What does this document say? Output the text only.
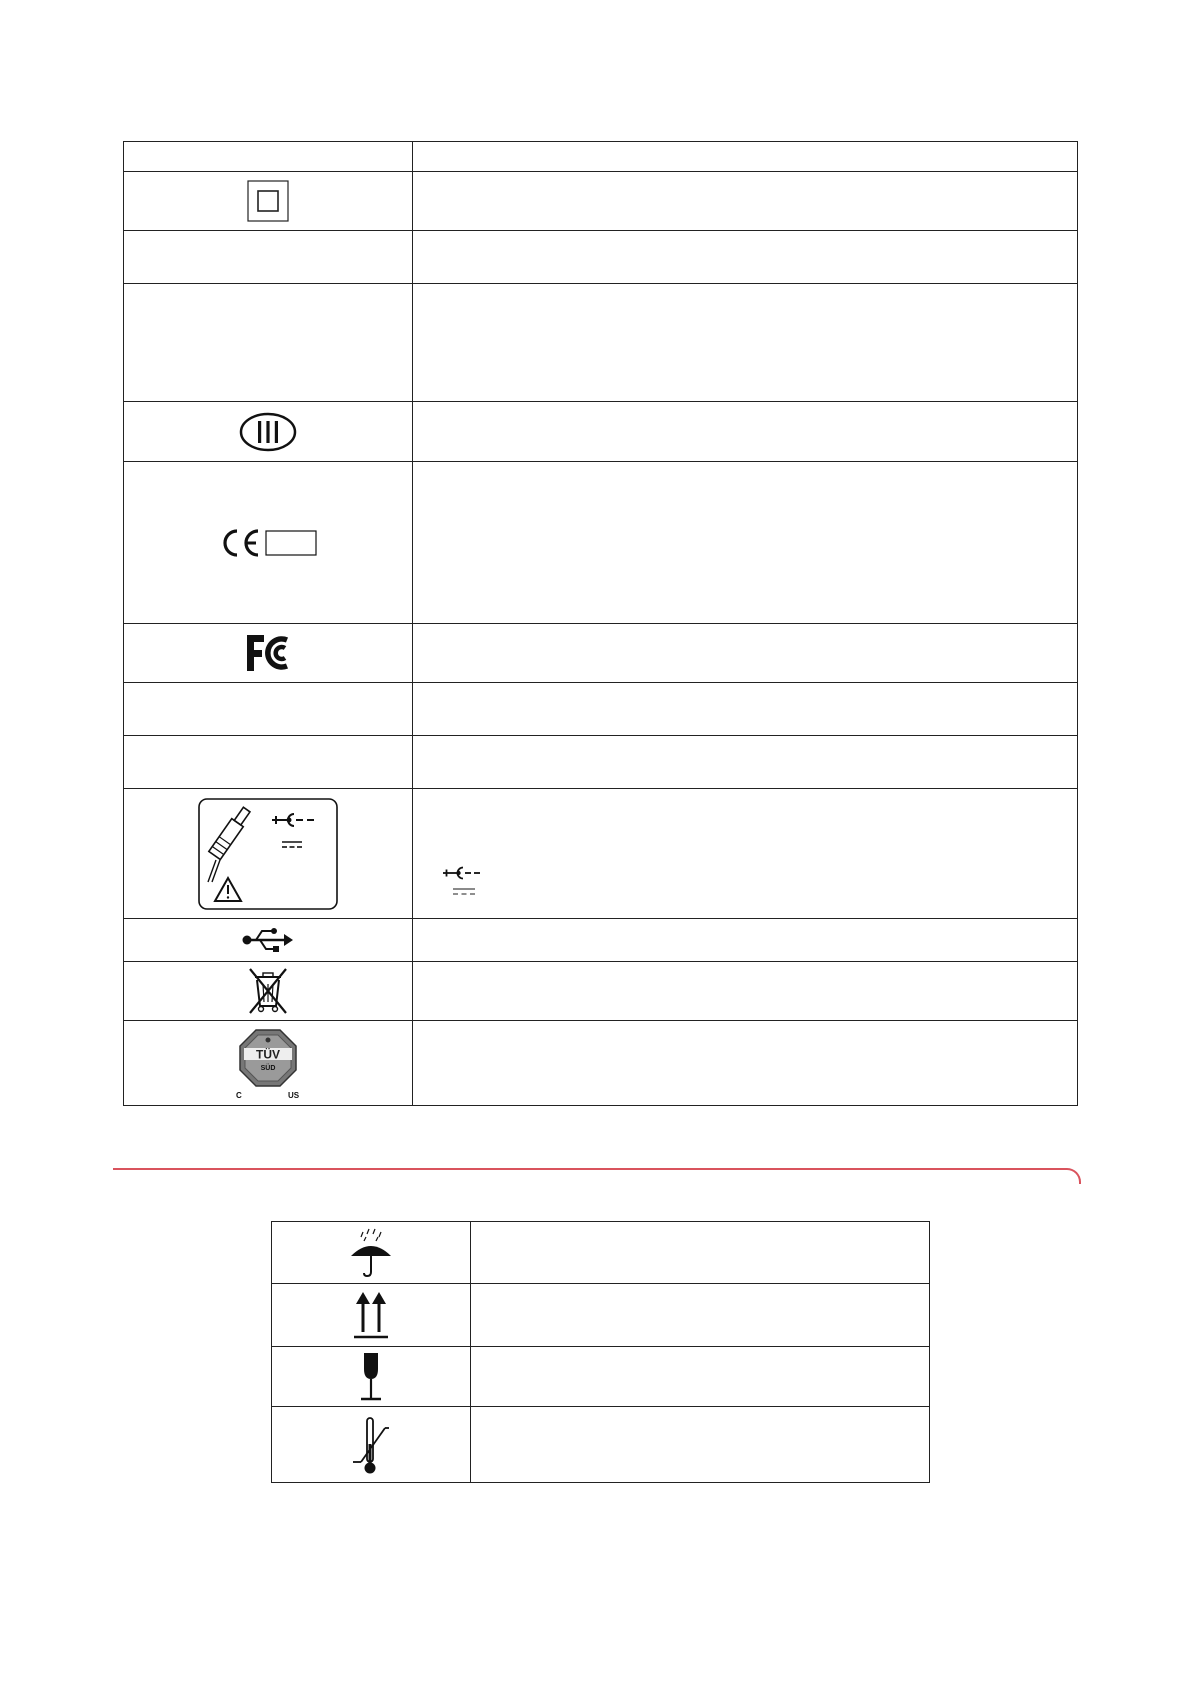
TÜV
SÜD
C US	
